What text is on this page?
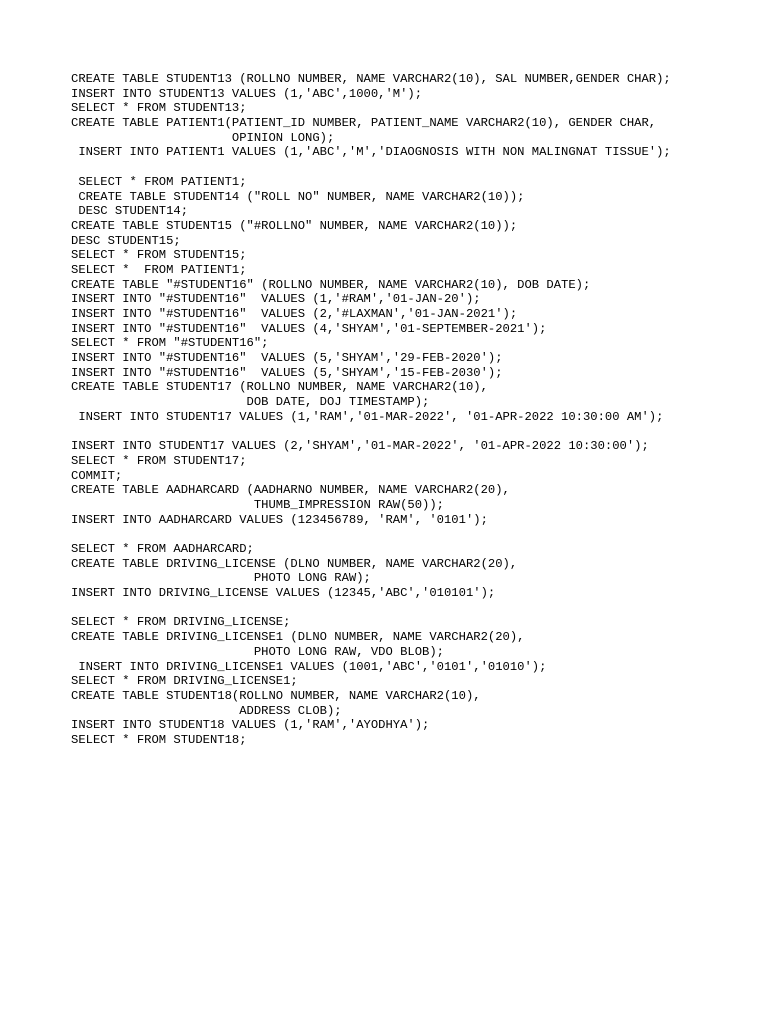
CREATE TABLE STUDENT13 (ROLLNO NUMBER, NAME VARCHAR2(10), SAL NUMBER,GENDER CHAR);
INSERT INTO STUDENT13 VALUES (1,'ABC',1000,'M');
SELECT * FROM STUDENT13;
CREATE TABLE PATIENT1(PATIENT_ID NUMBER, PATIENT_NAME VARCHAR2(10), GENDER CHAR,
OPINION LONG);
INSERT INTO PATIENT1 VALUES (1,'ABC','M','DIAOGNOSIS WITH NON MALINGNAT TISSUE');
SELECT * FROM PATIENT1;
CREATE TABLE STUDENT14 ("ROLL NO" NUMBER, NAME VARCHAR2(10));
DESC STUDENT14;
CREATE TABLE STUDENT15 ("#ROLLNO" NUMBER, NAME VARCHAR2(10));
DESC STUDENT15;
SELECT * FROM STUDENT15;
SELECT *  FROM PATIENT1;
CREATE TABLE "#STUDENT16" (ROLLNO NUMBER, NAME VARCHAR2(10), DOB DATE);
INSERT INTO "#STUDENT16"  VALUES (1,'#RAM','01-JAN-20');
INSERT INTO "#STUDENT16"  VALUES (2,'#LAXMAN','01-JAN-2021');
INSERT INTO "#STUDENT16"  VALUES (4,'SHYAM','01-SEPTEMBER-2021');
SELECT * FROM "#STUDENT16";
INSERT INTO "#STUDENT16"  VALUES (5,'SHYAM','29-FEB-2020');
INSERT INTO "#STUDENT16"  VALUES (5,'SHYAM','15-FEB-2030');
CREATE TABLE STUDENT17 (ROLLNO NUMBER, NAME VARCHAR2(10),
DOB DATE, DOJ TIMESTAMP);
INSERT INTO STUDENT17 VALUES (1,'RAM','01-MAR-2022', '01-APR-2022 10:30:00 AM');
INSERT INTO STUDENT17 VALUES (2,'SHYAM','01-MAR-2022', '01-APR-2022 10:30:00');
SELECT * FROM STUDENT17;
COMMIT;
CREATE TABLE AADHARCARD (AADHARNO NUMBER, NAME VARCHAR2(20),
THUMB_IMPRESSION RAW(50));
INSERT INTO AADHARCARD VALUES (123456789, 'RAM', '0101');
SELECT * FROM AADHARCARD;
CREATE TABLE DRIVING_LICENSE (DLNO NUMBER, NAME VARCHAR2(20),
PHOTO LONG RAW);
INSERT INTO DRIVING_LICENSE VALUES (12345,'ABC','010101');
SELECT * FROM DRIVING_LICENSE;
CREATE TABLE DRIVING_LICENSE1 (DLNO NUMBER, NAME VARCHAR2(20),
PHOTO LONG RAW, VDO BLOB);
INSERT INTO DRIVING_LICENSE1 VALUES (1001,'ABC','0101','01010');
SELECT * FROM DRIVING_LICENSE1;
CREATE TABLE STUDENT18(ROLLNO NUMBER, NAME VARCHAR2(10),
ADDRESS CLOB);
INSERT INTO STUDENT18 VALUES (1,'RAM','AYODHYA');
SELECT * FROM STUDENT18;
